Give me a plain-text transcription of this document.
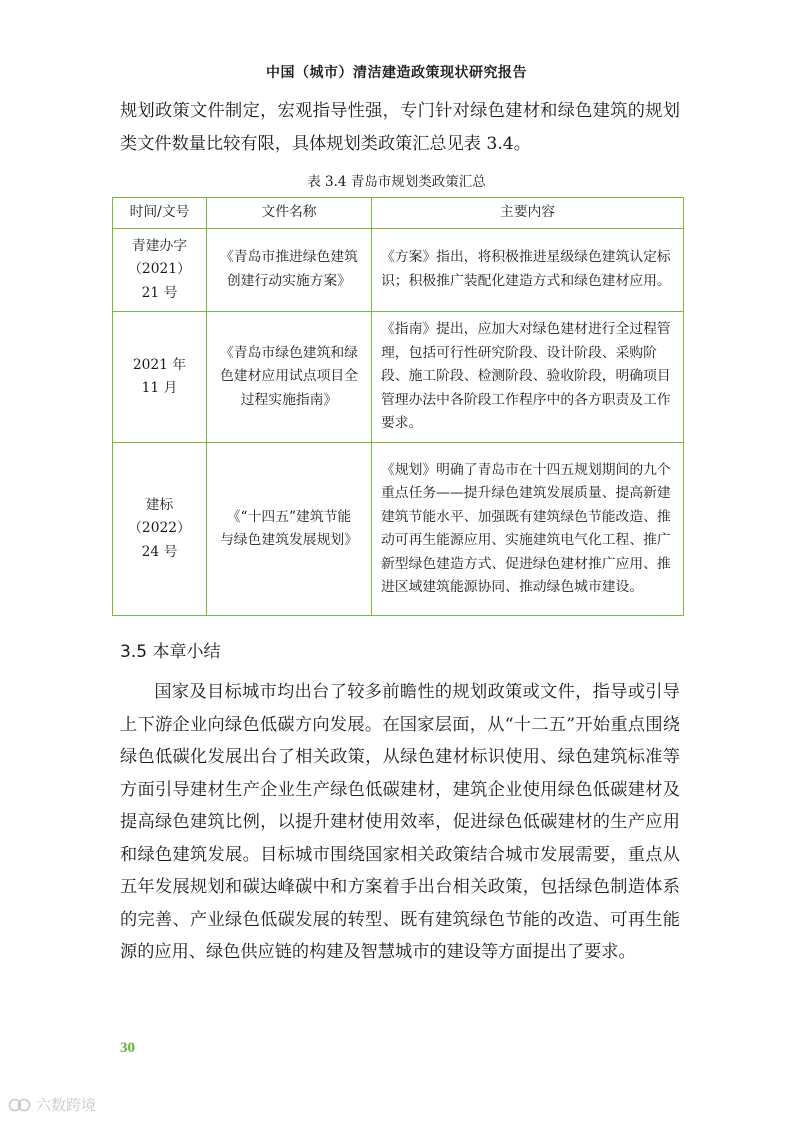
中国（城市）清洁建造政策现状研究报告

规划政策文件制定，宏观指导性强，专门针对绿色建材和绿色建筑的规划类文件数量比较有限，具体规划类政策汇总见表 3.4。

表 3.4 青岛市规划类政策汇总
时间/文号	文件名称	主要内容
青建办字（2021）21 号	《青岛市推进绿色建筑创建行动实施方案》	《方案》指出，将积极推进星级绿色建筑认定标识；积极推广装配化建造方式和绿色建材应用。
2021 年 11 月	《青岛市绿色建筑和绿色建材应用试点项目全过程实施指南》	《指南》提出，应加大对绿色建材进行全过程管理，包括可行性研究阶段、设计阶段、采购阶段、施工阶段、检测阶段、验收阶段，明确项目管理办法中各阶段工作程序中的各方职责及工作要求。
建标（2022）24 号	《“十四五”建筑节能与绿色建筑发展规划》	《规划》明确了青岛市在十四五规划期间的九个重点任务——提升绿色建筑发展质量、提高新建建筑节能水平、加强既有建筑绿色节能改造、推动可再生能源应用、实施建筑电气化工程、推广新型绿色建造方式、促进绿色建材推广应用、推进区域建筑能源协同、推动绿色城市建设。
3.5 本章小结

国家及目标城市均出台了较多前瞻性的规划政策或文件，指导或引导上下游企业向绿色低碳方向发展。在国家层面，从“十二五”开始重点围绕绿色低碳化发展出台了相关政策，从绿色建材标识使用、绿色建筑标准等方面引导建材生产企业生产绿色低碳建材，建筑企业使用绿色低碳建材及提高绿色建筑比例，以提升建材使用效率，促进绿色低碳建材的生产应用和绿色建筑发展。目标城市围绕国家相关政策结合城市发展需要，重点从五年发展规划和碳达峰碳中和方案着手出台相关政策，包括绿色制造体系的完善、产业绿色低碳发展的转型、既有建筑绿色节能的改造、可再生能源的应用、绿色供应链的构建及智慧城市的建设等方面提出了要求。

30
六数跨境
